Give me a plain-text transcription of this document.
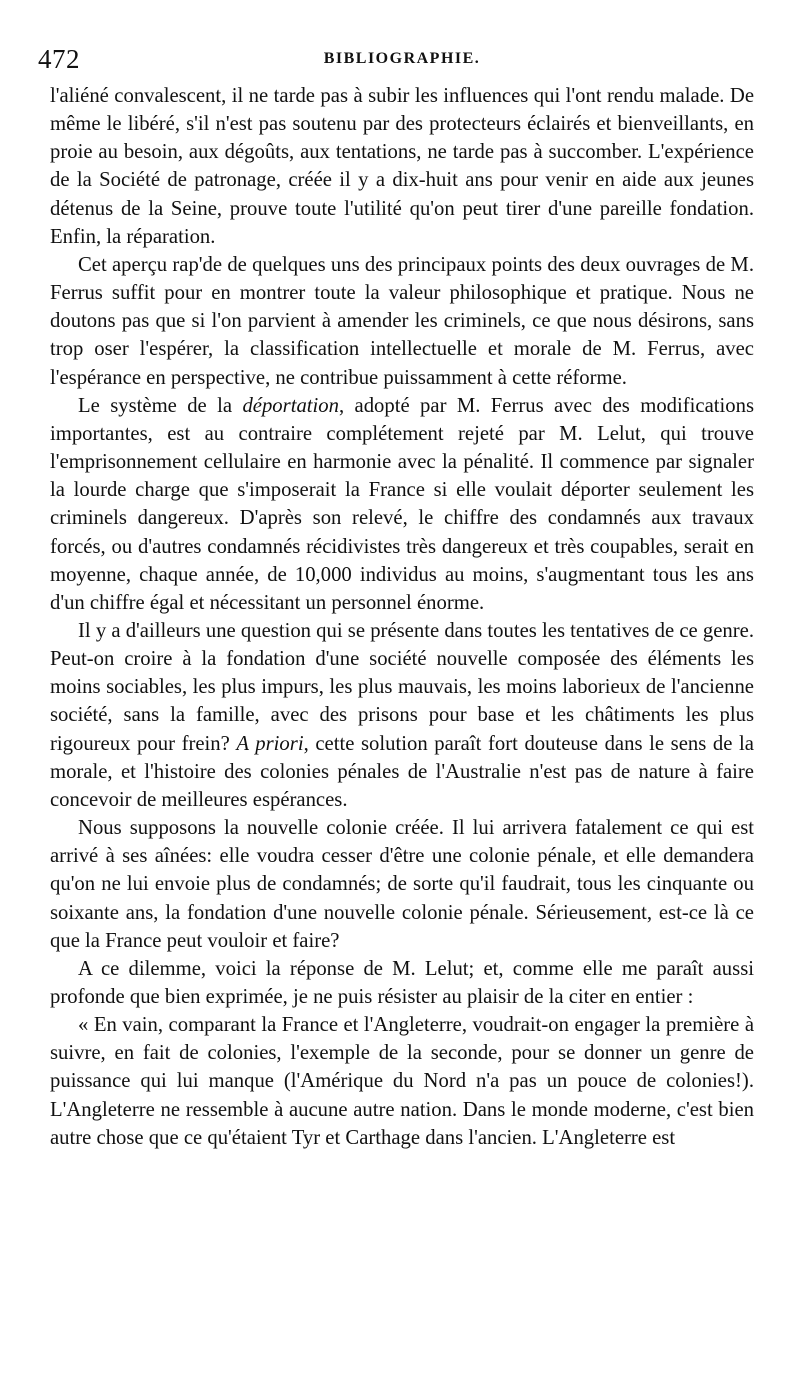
472	BIBLIOGRAPHIE.

l'aliéné convalescent, il ne tarde pas à subir les influences qui l'ont rendu malade. De même le libéré, s'il n'est pas soutenu par des protecteurs éclairés et bienveillants, en proie au besoin, aux dégoûts, aux tentations, ne tarde pas à succomber. L'expérience de la Société de patronage, créée il y a dix-huit ans pour venir en aide aux jeunes détenus de la Seine, prouve toute l'utilité qu'on peut tirer d'une pareille fondation. Enfin, la réparation.

Cet aperçu rap'de de quelques uns des principaux points des deux ouvrages de M. Ferrus suffit pour en montrer toute la valeur philosophique et pratique. Nous ne doutons pas que si l'on parvient à amender les criminels, ce que nous désirons, sans trop oser l'espérer, la classification intellectuelle et morale de M. Ferrus, avec l'espérance en perspective, ne contribue puissamment à cette réforme.

Le système de la déportation, adopté par M. Ferrus avec des modifications importantes, est au contraire complétement rejeté par M. Lelut, qui trouve l'emprisonnement cellulaire en harmonie avec la pénalité. Il commence par signaler la lourde charge que s'imposerait la France si elle voulait déporter seulement les criminels dangereux. D'après son relevé, le chiffre des condamnés aux travaux forcés, ou d'autres condamnés récidivistes très dangereux et très coupables, serait en moyenne, chaque année, de 10,000 individus au moins, s'augmentant tous les ans d'un chiffre égal et nécessitant un personnel énorme.

Il y a d'ailleurs une question qui se présente dans toutes les tentatives de ce genre. Peut-on croire à la fondation d'une société nouvelle composée des éléments les moins sociables, les plus impurs, les plus mauvais, les moins laborieux de l'ancienne société, sans la famille, avec des prisons pour base et les châtiments les plus rigoureux pour frein? A priori, cette solution paraît fort douteuse dans le sens de la morale, et l'histoire des colonies pénales de l'Australie n'est pas de nature à faire concevoir de meilleures espérances.

Nous supposons la nouvelle colonie créée. Il lui arrivera fatalement ce qui est arrivé à ses aînées: elle voudra cesser d'être une colonie pénale, et elle demandera qu'on ne lui envoie plus de condamnés; de sorte qu'il faudrait, tous les cinquante ou soixante ans, la fondation d'une nouvelle colonie pénale. Sérieusement, est-ce là ce que la France peut vouloir et faire?

A ce dilemme, voici la réponse de M. Lelut; et, comme elle me paraît aussi profonde que bien exprimée, je ne puis résister au plaisir de la citer en entier :

« En vain, comparant la France et l'Angleterre, voudrait-on engager la première à suivre, en fait de colonies, l'exemple de la seconde, pour se donner un genre de puissance qui lui manque (l'Amérique du Nord n'a pas un pouce de colonies!). L'Angleterre ne ressemble à aucune autre nation. Dans le monde moderne, c'est bien autre chose que ce qu'étaient Tyr et Carthage dans l'ancien. L'Angleterre est
